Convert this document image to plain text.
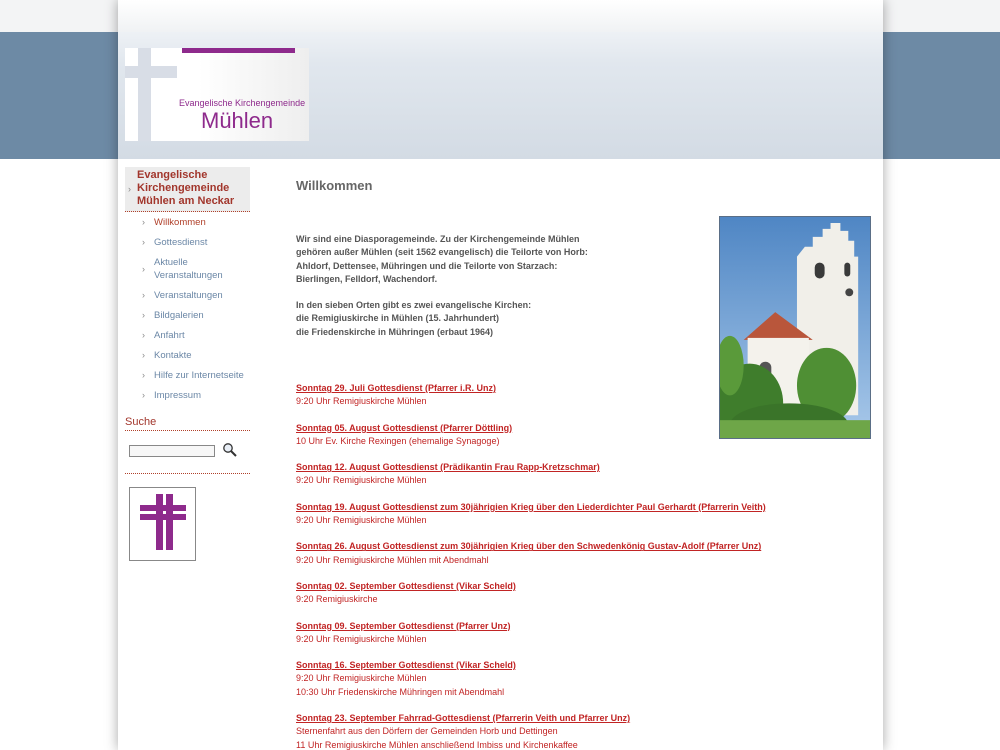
Evangelische Kirchengemeinde
Mühlen
›
Evangelische Kirchengemeinde Mühlen am Neckar
› Willkommen
› Gottesdienst
›
Aktuelle Veranstaltungen
› Veranstaltungen
› Bildgalerien
› Anfahrt
› Kontakte
› Hilfe zur Internetseite
› Impressum
Suche
Willkommen

Wir sind eine Diasporagemeinde. Zu der Kirchengemeinde Mühlen
gehören außer Mühlen (seit 1562 evangelisch) die Teilorte von Horb:
Ahldorf, Dettensee, Mühringen und die Teilorte von Starzach:
Bierlingen, Felldorf, Wachendorf.

In den sieben Orten gibt es zwei evangelische Kirchen:
die Remigiuskirche in Mühlen (15. Jahrhundert)
die Friedenskirche in Mühringen (erbaut 1964)

Sonntag 29. Juli Gottesdienst (Pfarrer i.R. Unz)
9:20 Uhr Remigiuskirche Mühlen
Sonntag 05. August Gottesdienst (Pfarrer Döttling)
10 Uhr Ev. Kirche Rexingen (ehemalige Synagoge)
Sonntag 12. August Gottesdienst (Prädikantin Frau Rapp-Kretzschmar)
9:20 Uhr Remigiuskirche Mühlen
Sonntag 19. August Gottesdienst zum 30jährigien Krieg über den Liederdichter Paul Gerhardt (Pfarrerin Veith)
9:20 Uhr Remigiuskirche Mühlen
Sonntag 26. August Gottesdienst zum 30jährigien Krieg über den Schwedenkönig Gustav-Adolf (Pfarrer Unz)
9:20 Uhr Remigiuskirche Mühlen mit Abendmahl
Sonntag 02. September Gottesdienst (Vikar Scheld)
9:20 Remigiuskirche
Sonntag 09. September Gottesdienst (Pfarrer Unz)
9:20 Uhr Remigiuskirche Mühlen
Sonntag 16. September Gottesdienst (Vikar Scheld)
9:20 Uhr Remigiuskirche Mühlen
10:30 Uhr Friedenskirche Mühringen mit Abendmahl
Sonntag 23. September Fahrrad-Gottesdienst (Pfarrerin Veith und Pfarrer Unz)
Sternenfahrt aus den Dörfern der Gemeinden Horb und Dettingen
11 Uhr Remigiuskirche Mühlen anschließend Imbiss und Kirchenkaffee
